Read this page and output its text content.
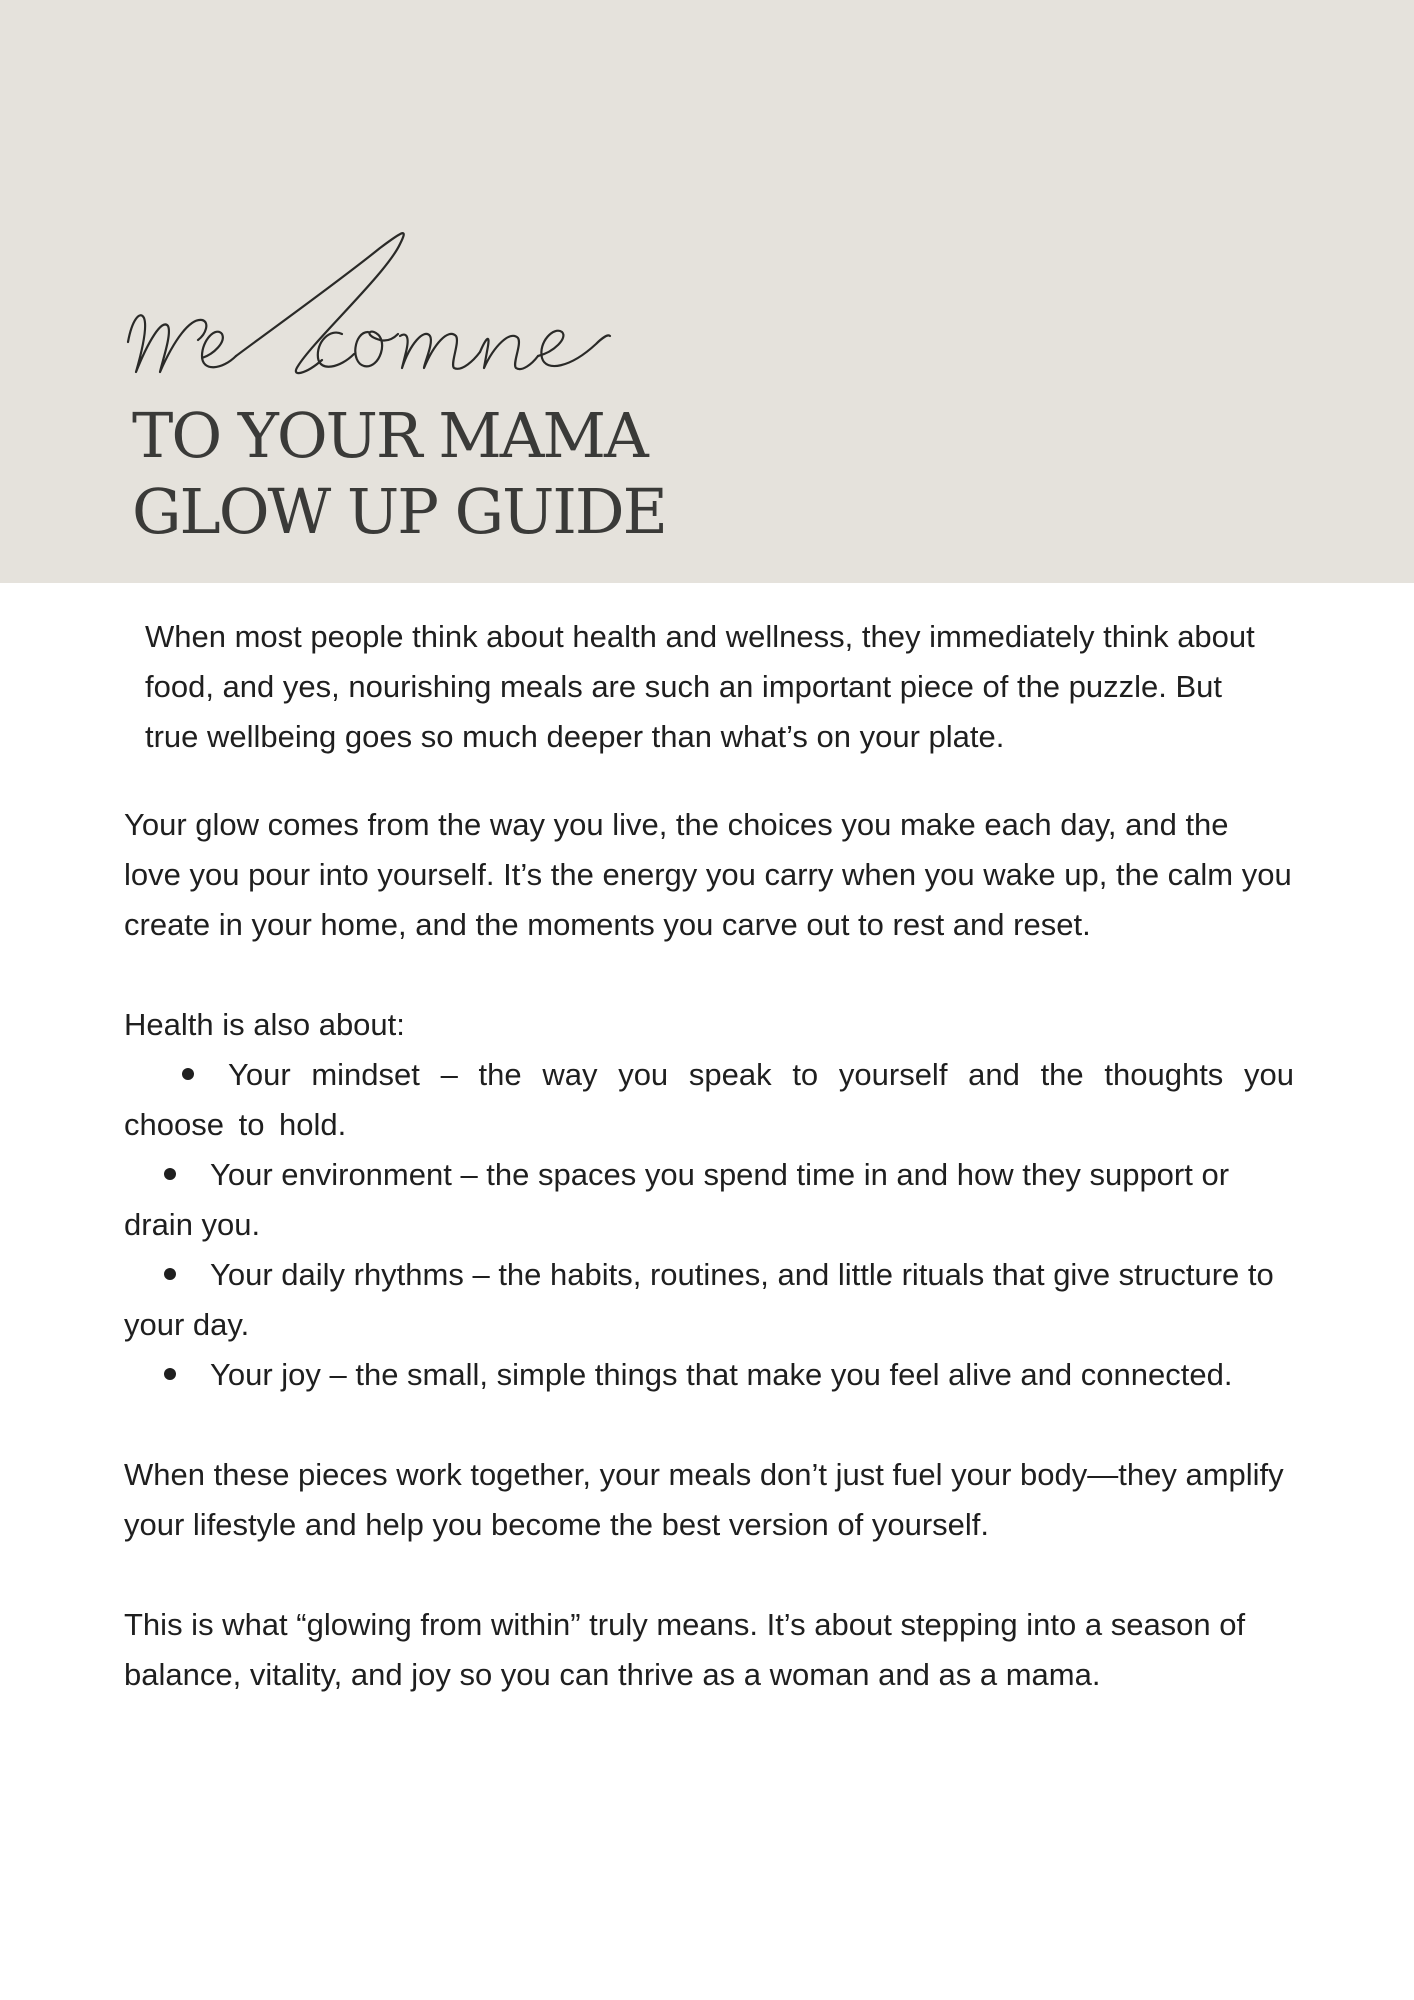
TO YOUR MAMA
GLOW UP GUIDE

When most people think about health and wellness, they immediately think about food, and yes, nourishing meals are such an important piece of the puzzle. But true wellbeing goes so much deeper than what’s on your plate.

Your glow comes from the way you live, the choices you make each day, and the love you pour into yourself. It’s the energy you carry when you wake up, the calm you create in your home, and the moments you carve out to rest and reset.

Health is also about:

Your mindset – the way you speak to yourself and the thoughts you choose to hold.
Your environment – the spaces you spend time in and how they support or drain you.
Your daily rhythms – the habits, routines, and little rituals that give structure to your day.
Your joy – the small, simple things that make you feel alive and connected.

When these pieces work together, your meals don’t just fuel your body—they amplify your lifestyle and help you become the best version of yourself.

This is what “glowing from within” truly means. It’s about stepping into a season of balance, vitality, and joy so you can thrive as a woman and as a mama.
